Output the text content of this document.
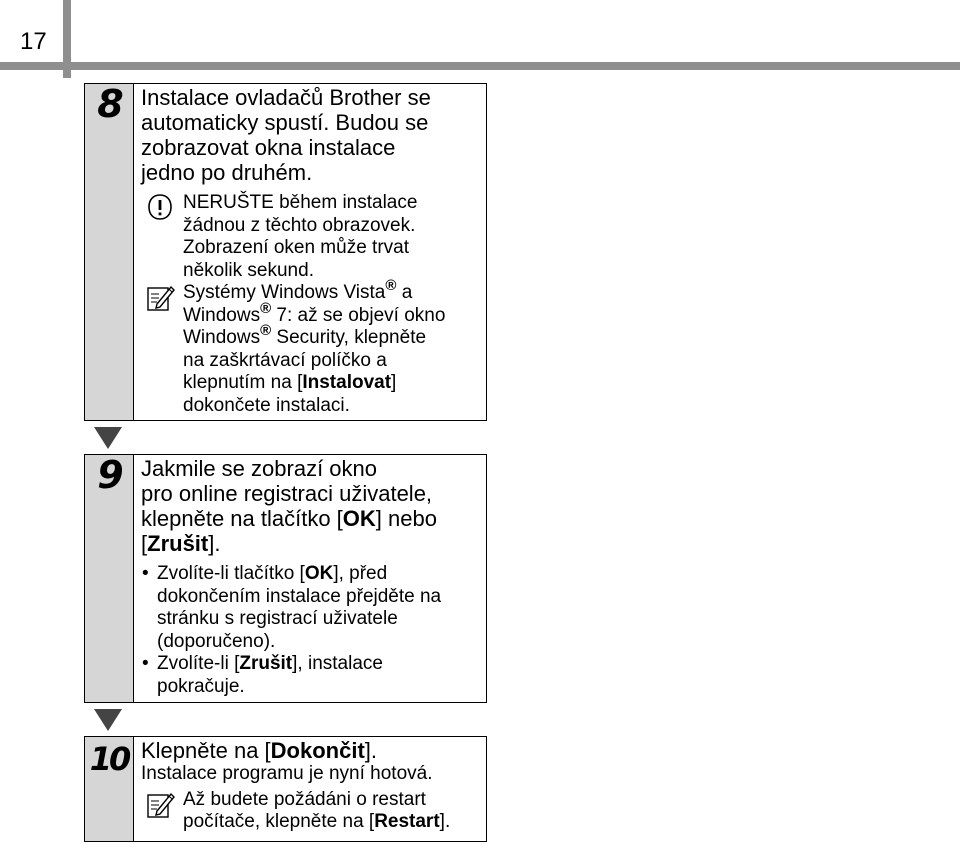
17
8 Instalace ovladačů Brother se
automaticky spustí. Budou se
zobrazovat okna instalace
jedno po druhém.
NERUŠTE během instalace
žádnou z těchto obrazovek.
Zobrazení oken může trvat
několik sekund.
Systémy Windows Vista® a
Windows® 7: až se objeví okno
Windows® Security, klepněte
na zaškrtávací políčko a
klepnutím na [Instalovat]
dokončete instalaci.
9 Jakmile se zobrazí okno
pro online registraci uživatele,
klepněte na tlačítko [OK] nebo
[Zrušit].
• Zvolíte-li tlačítko [OK], před
dokončením instalace přejděte na
stránku s registrací uživatele
(doporučeno).
• Zvolíte-li [Zrušit], instalace
pokračuje.
10 Klepněte na [Dokončit].
Instalace programu je nyní hotová.
Až budete požádáni o restart
počítače, klepněte na [Restart].
